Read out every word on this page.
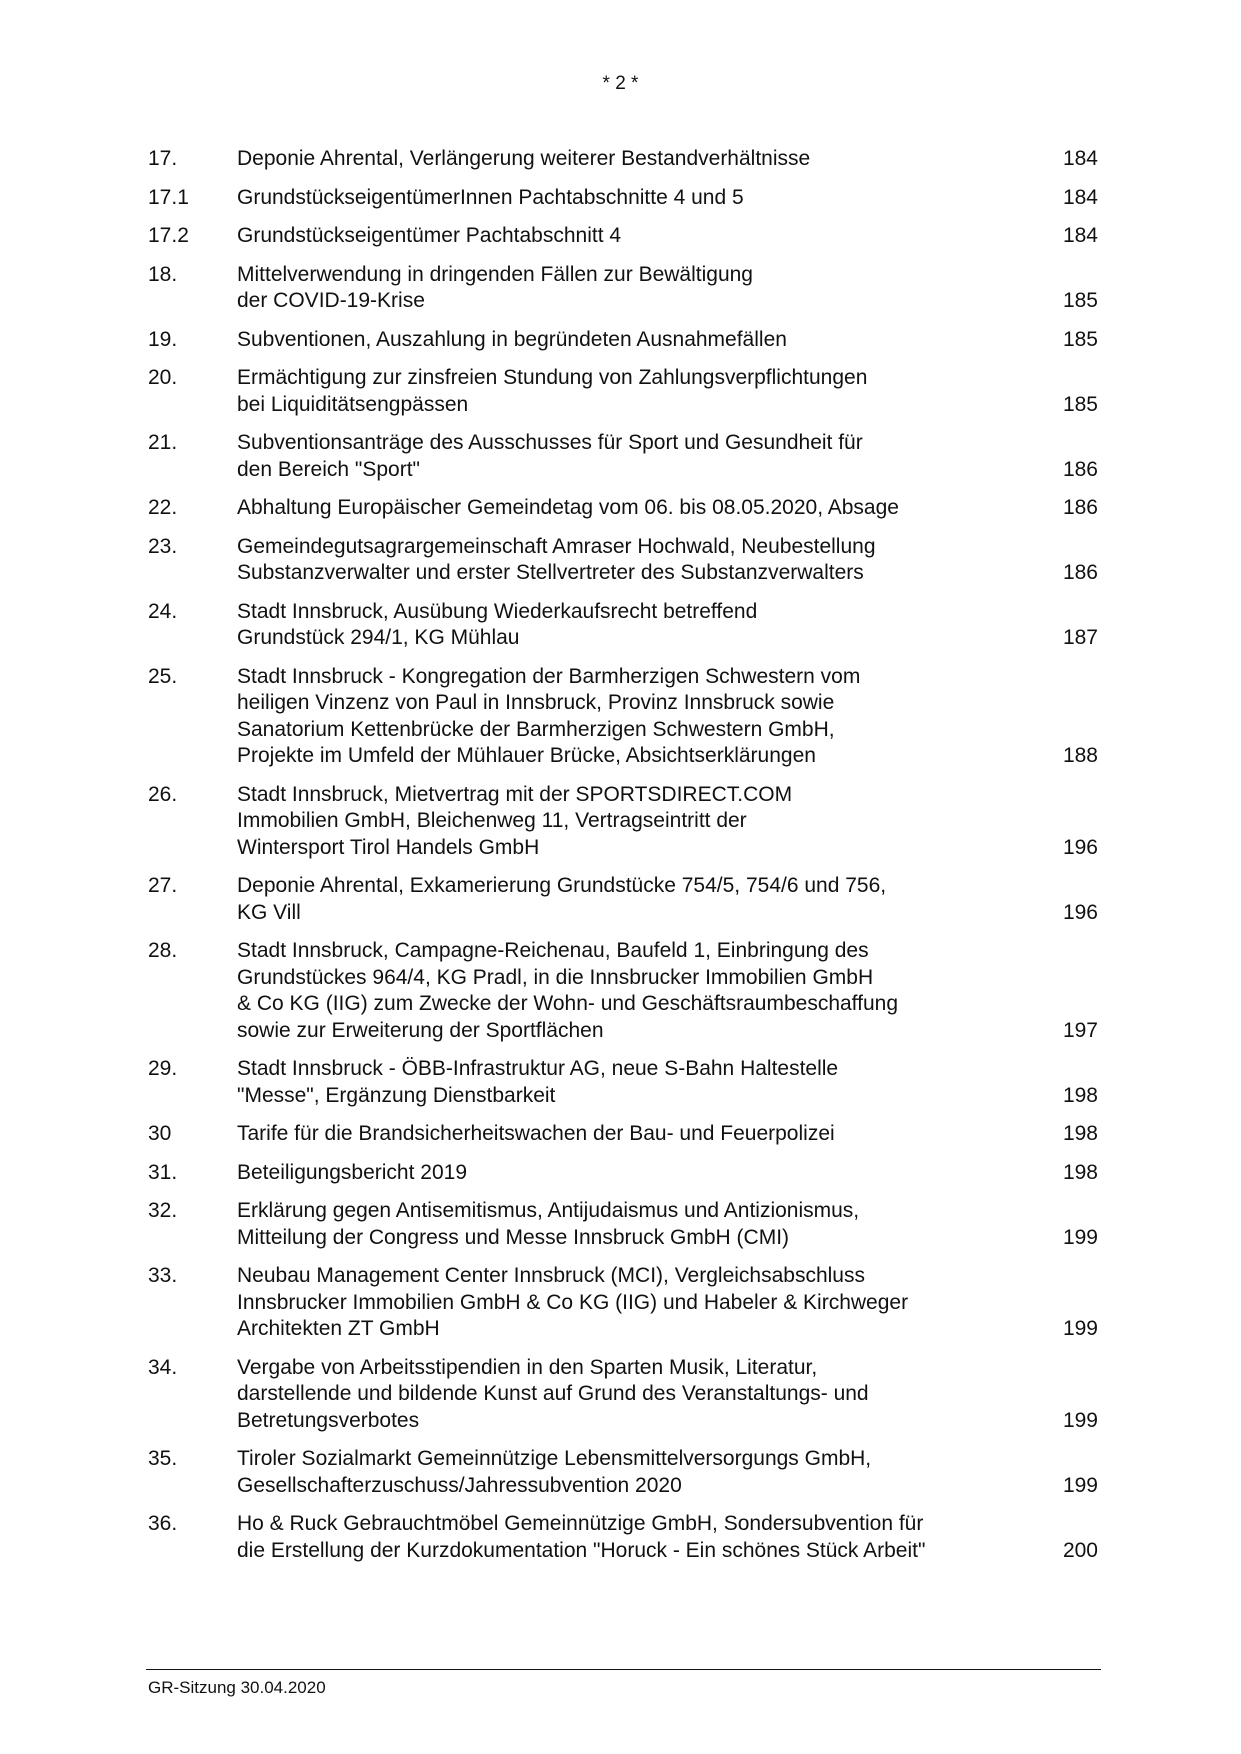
* 2 *
17.	Deponie Ahrental, Verlängerung weiterer Bestandverhältnisse	184
17.1	GrundstückseigentümerInnen Pachtabschnitte 4 und 5	184
17.2	Grundstückseigentümer Pachtabschnitt 4	184
18.	Mittelverwendung in dringenden Fällen zur Bewältigung
der COVID-19-Krise	185
19.	Subventionen, Auszahlung in begründeten Ausnahmefällen	185
20.	Ermächtigung zur zinsfreien Stundung von Zahlungsverpflichtungen
bei Liquiditätsengpässen	185
21.	Subventionsanträge des Ausschusses für Sport und Gesundheit für
den Bereich "Sport"	186
22.	Abhaltung Europäischer Gemeindetag vom 06. bis 08.05.2020, Absage	186
23.	Gemeindegutsagrargemeinschaft Amraser Hochwald, Neubestellung
Substanzverwalter und erster Stellvertreter des Substanzverwalters	186
24.	Stadt Innsbruck, Ausübung Wiederkaufsrecht betreffend
Grundstück 294/1, KG Mühlau	187
25.	Stadt Innsbruck - Kongregation der Barmherzigen Schwestern vom
heiligen Vinzenz von Paul in Innsbruck, Provinz Innsbruck sowie
Sanatorium Kettenbrücke der Barmherzigen Schwestern GmbH,
Projekte im Umfeld der Mühlauer Brücke, Absichtserklärungen	188
26.	Stadt Innsbruck, Mietvertrag mit der SPORTSDIRECT.COM
Immobilien GmbH, Bleichenweg 11, Vertragseintritt der
Wintersport Tirol Handels GmbH	196
27.	Deponie Ahrental, Exkamerierung Grundstücke 754/5, 754/6 und 756,
KG Vill	196
28.	Stadt Innsbruck, Campagne-Reichenau, Baufeld 1, Einbringung des
Grundstückes 964/4, KG Pradl, in die Innsbrucker Immobilien GmbH
& Co KG (IIG) zum Zwecke der Wohn- und Geschäftsraumbeschaffung
sowie zur Erweiterung der Sportflächen	197
29.	Stadt Innsbruck - ÖBB-Infrastruktur AG, neue S-Bahn Haltestelle
"Messe", Ergänzung Dienstbarkeit	198
30	Tarife für die Brandsicherheitswachen der Bau- und Feuerpolizei	198
31.	Beteiligungsbericht 2019	198
32.	Erklärung gegen Antisemitismus, Antijudaismus und Antizionismus,
Mitteilung der Congress und Messe Innsbruck GmbH (CMI)	199
33.	Neubau Management Center Innsbruck (MCI), Vergleichsabschluss
Innsbrucker Immobilien GmbH & Co KG (IIG) und Habeler & Kirchweger
Architekten ZT GmbH	199
34.	Vergabe von Arbeitsstipendien in den Sparten Musik, Literatur,
darstellende und bildende Kunst auf Grund des Veranstaltungs- und
Betretungsverbotes	199
35.	Tiroler Sozialmarkt Gemeinnützige Lebensmittelversorgungs GmbH,
Gesellschafterzuschuss/Jahressubvention 2020	199
36.	Ho & Ruck Gebrauchtmöbel Gemeinnützige GmbH, Sondersubvention für
die Erstellung der Kurzdokumentation "Horuck - Ein schönes Stück Arbeit"	200
GR-Sitzung 30.04.2020
